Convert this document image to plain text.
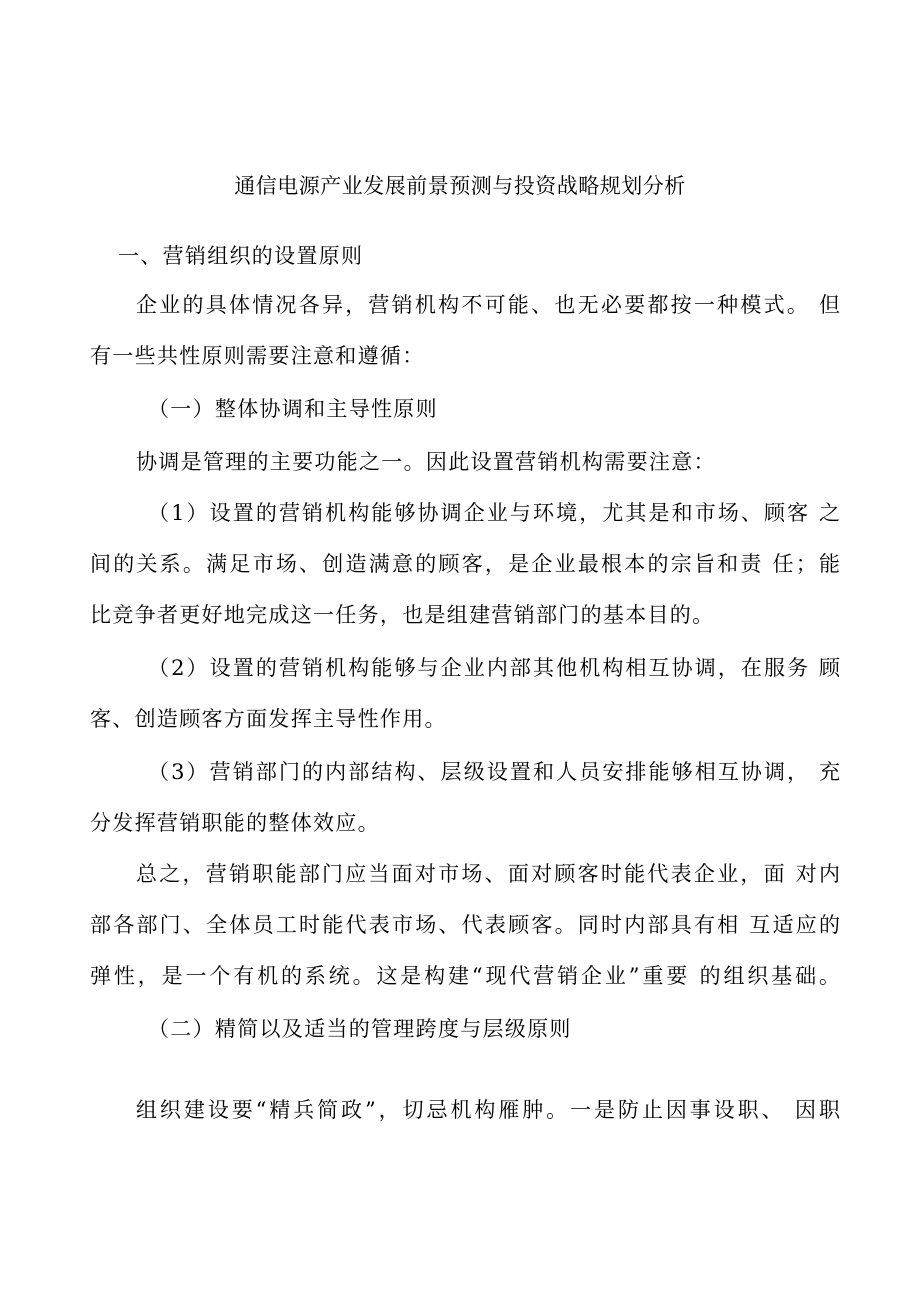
通信电源产业发展前景预测与投资战略规划分析
一、营销组织的设置原则
企业的具体情况各异，营销机构不可能、也无必要都按一种模式。 但
有一些共性原则需要注意和遵循：
（一）整体协调和主导性原则
协调是管理的主要功能之一。因此设置营销机构需要注意：
（1）设置的营销机构能够协调企业与环境，尤其是和市场、顾客 之
间的关系。满足市场、创造满意的顾客，是企业最根本的宗旨和责 任；能
比竞争者更好地完成这一任务，也是组建营销部门的基本目的。
（2）设置的营销机构能够与企业内部其他机构相互协调，在服务 顾
客、创造顾客方面发挥主导性作用。
（3）营销部门的内部结构、层级设置和人员安排能够相互协调， 充
分发挥营销职能的整体效应。
总之，营销职能部门应当面对市场、面对顾客时能代表企业，面 对内
部各部门、全体员工时能代表市场、代表顾客。同时内部具有相 互适应的
弹性，是一个有机的系统。这是构建“现代营销企业”重要 的组织基础。
（二）精简以及适当的管理跨度与层级原则
组织建设要“精兵简政”，切忌机构雁肿。一是防止因事设职、 因职
